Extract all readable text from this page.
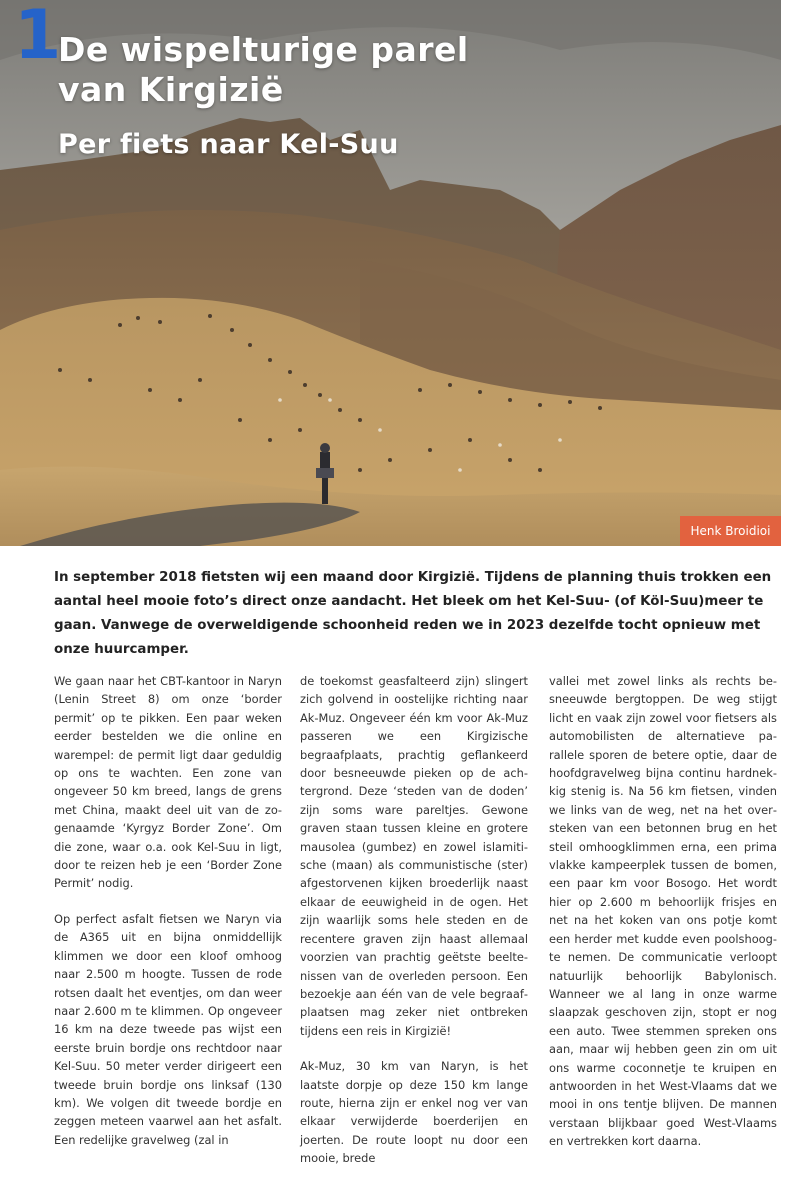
1
De wispelturige parel
van Kirgizië
Per fiets naar Kel-Suu
Henk Broidioi

In september 2018 fietsten wij een maand door Kirgizië. Tijdens de planning thuis trokken een aantal heel mooie foto’s direct onze aandacht. Het bleek om het Kel-Suu- (of Köl-Suu)meer te gaan. Vanwege de overweldigende schoonheid reden we in 2023 dezelfde tocht opnieuw met onze huurcamper.

We gaan naar het CBT-kantoor in Naryn (Lenin Street 8) om onze ‘border permit’ op te pikken. Een paar weken eerder bestelden we die online en warempel: de permit ligt daar geduldig op ons te wachten. Een zone van ongeveer 50 km breed, langs de grens met China, maakt deel uit van de zogenaamde ‘Kyrgyz Border Zone’. Om die zone, waar o.a. ook Kel-Suu in ligt, door te reizen heb je een ‘Border Zone Permit’ nodig.

Op perfect asfalt fietsen we Naryn via de A365 uit en bijna onmiddellijk klimmen we door een kloof omhoog naar 2.500 m hoogte. Tussen de rode rotsen daalt het eventjes, om dan weer naar 2.600 m te klimmen. Op ongeveer 16 km na deze tweede pas wijst een eerste bruin bordje ons rechtdoor naar Kel-Suu. 50 meter verder dirigeert een tweede bruin bordje ons linksaf (130 km). We volgen dit tweede bordje en zeggen meteen vaarwel aan het asfalt. Een redelijke gravelweg (zal in

de toekomst geasfalteerd zijn) slingert zich golvend in oostelijke richting naar Ak-Muz. Ongeveer één km voor Ak-Muz passeren we een Kirgizische begraafplaats, prachtig geflankeerd door besneeuwde pieken op de achtergrond. Deze ‘steden van de doden’ zijn soms ware pareltjes. Gewone graven staan tussen kleine en grotere mausolea (gumbez) en zowel islamitische (maan) als communistische (ster) afgestorvenen kijken broederlijk naast elkaar de eeuwigheid in de ogen. Het zijn waarlijk soms hele steden en de recentere graven zijn haast allemaal voorzien van prachtig geëtste beeltenissen van de overleden persoon. Een bezoekje aan één van de vele begraafplaatsen mag zeker niet ontbreken tijdens een reis in Kirgizië!

Ak-Muz, 30 km van Naryn, is het laatste dorpje op deze 150 km lange route, hierna zijn er enkel nog ver van elkaar verwijderde boerderijen en joerten. De route loopt nu door een mooie, brede

vallei met zowel links als rechts besneeuwde bergtoppen. De weg stijgt licht en vaak zijn zowel voor fietsers als automobilisten de alternatieve parallele sporen de betere optie, daar de hoofdgravelweg bijna continu hardnekkig stenig is. Na 56 km fietsen, vinden we links van de weg, net na het oversteken van een betonnen brug en het steil omhoogklimmen erna, een prima vlakke kampeerplek tussen de bomen, een paar km voor Bosogo. Het wordt hier op 2.600 m behoorlijk frisjes en net na het koken van ons potje komt een herder met kudde even poolshoogte nemen. De communicatie verloopt natuurlijk behoorlijk Babylonisch. Wanneer we al lang in onze warme slaapzak geschoven zijn, stopt er nog een auto. Twee stemmen spreken ons aan, maar wij hebben geen zin om uit ons warme coconnetje te kruipen en antwoorden in het West-Vlaams dat we mooi in ons tentje blijven. De mannen verstaan blijkbaar goed West-Vlaams en vertrekken kort daarna.
